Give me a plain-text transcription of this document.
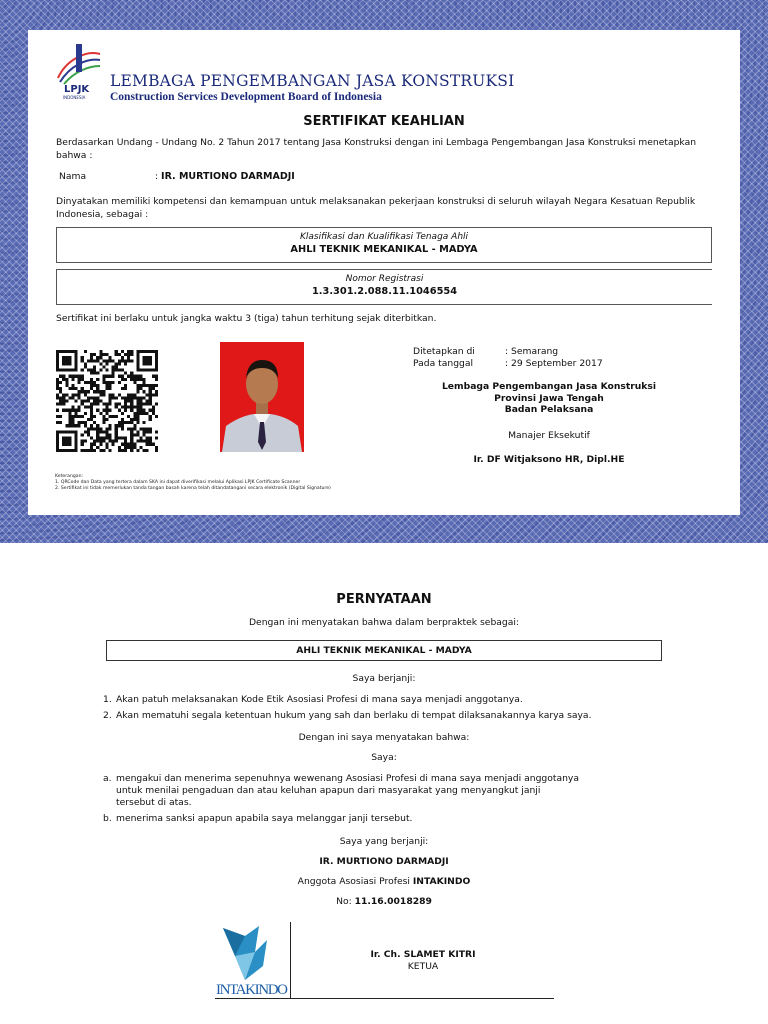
LPJK
INDONESIA
LEMBAGA PENGEMBANGAN JASA KONSTRUKSI
Construction Services Development Board of Indonesia
SERTIFIKAT KEAHLIAN
Berdasarkan Undang - Undang No. 2 Tahun 2017 tentang Jasa Konstruksi dengan ini Lembaga Pengembangan Jasa Konstruksi menetapkan
bahwa :
Nama	: IR. MURTIONO DARMADJI
Dinyatakan memiliki kompetensi dan kemampuan untuk melaksanakan pekerjaan konstruksi di seluruh wilayah Negara Kesatuan Republik
Indonesia, sebagai :
Klasifikasi dan Kualifikasi Tenaga Ahli
AHLI TEKNIK MEKANIKAL - MADYA
Nomor Registrasi
1.3.301.2.088.11.1046554
Sertifikat ini berlaku untuk jangka waktu 3 (tiga) tahun terhitung sejak diterbitkan.
Ditetapkan di	: Semarang
Pada tanggal	: 29 September 2017
Lembaga Pengembangan Jasa Konstruksi
Provinsi Jawa Tengah
Badan Pelaksana
Manajer Eksekutif
Ir. DF Witjaksono HR, Dipl.HE
Keterangan:
1. QRCode dan Data yang tertera dalam SKA ini dapat diverifikasi melalui Aplikasi LPJK Certificate Scanner
2. Sertifikat ini tidak memerlukan tanda tangan basah karena telah ditandatangani secara elektronik (Digital Signature)
PERNYATAAN
Dengan ini menyatakan bahwa dalam berpraktek sebagai:
AHLI TEKNIK MEKANIKAL - MADYA
Saya berjanji:
1. Akan patuh melaksanakan Kode Etik Asosiasi Profesi di mana saya menjadi anggotanya.
2. Akan mematuhi segala ketentuan hukum yang sah dan berlaku di tempat dilaksanakannya karya saya.
Dengan ini saya menyatakan bahwa:
Saya:
a. mengakui dan menerima sepenuhnya wewenang Asosiasi Profesi di mana saya menjadi anggotanya
untuk menilai pengaduan dan atau keluhan apapun dari masyarakat yang menyangkut janji
tersebut di atas.
b. menerima sanksi apapun apabila saya melanggar janji tersebut.
Saya yang berjanji:
IR. MURTIONO DARMADJI
Anggota Asosiasi Profesi INTAKINDO
No: 11.16.0018289
INTAKINDO
Ir. Ch. SLAMET KITRI
KETUA
